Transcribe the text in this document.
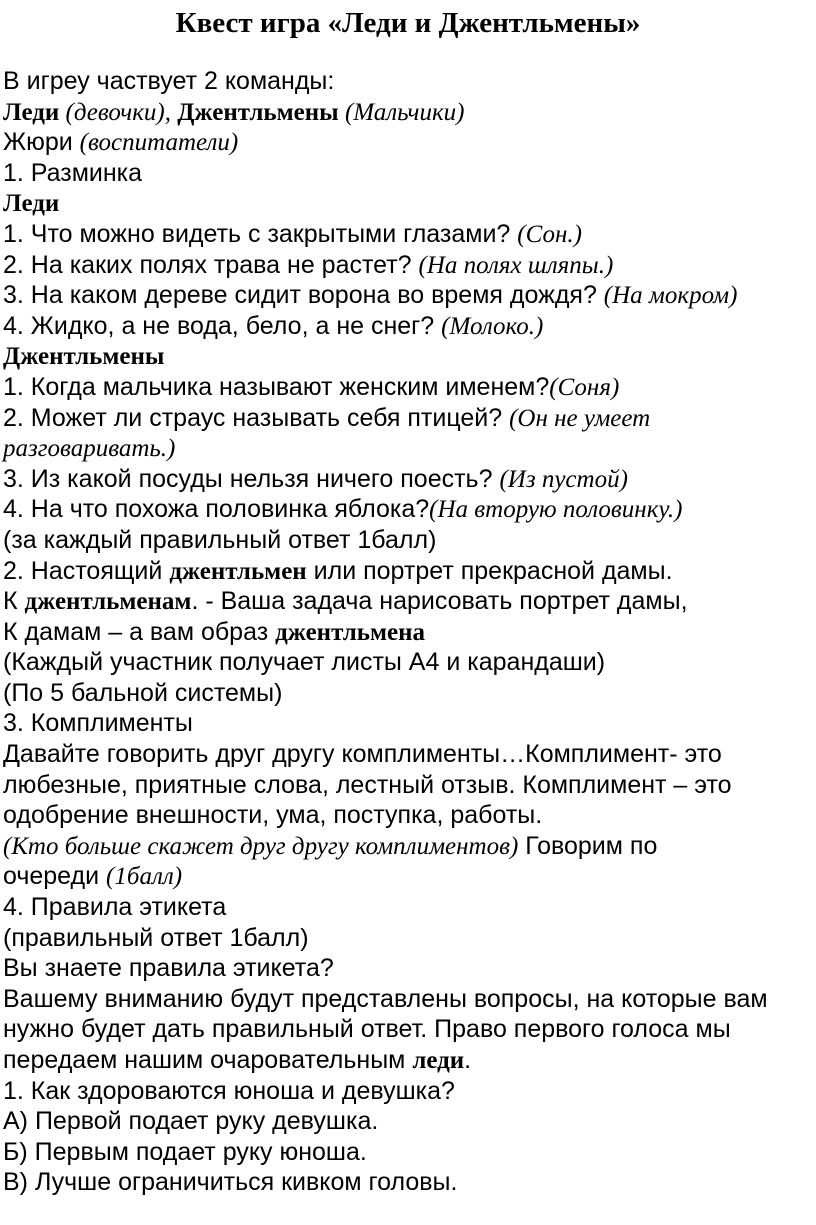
Квест игра «Леди и Джентльмены»
В игреу частвует 2 команды:
Леди (девочки), Джентльмены (Мальчики)
Жюри (воспитатели)
1. Разминка
Леди
1. Что можно видеть с закрытыми глазами? (Сон.)
2. На каких полях трава не растет? (На полях шляпы.)
3. На каком дереве сидит ворона во время дождя? (На мокром)
4. Жидко, а не вода, бело, а не снег? (Молоко.)
Джентльмены
1. Когда мальчика называют женским именем?(Соня)
2. Может ли страус называть себя птицей? (Он не умеет
разговаривать.)
3. Из какой посуды нельзя ничего поесть? (Из пустой)
4. На что похожа половинка яблока?(На вторую половинку.)
(за каждый правильный ответ 1балл)
2. Настоящий джентльмен или портрет прекрасной дамы.
К джентльменам. - Ваша задача нарисовать портрет дамы,
К дамам – а вам образ джентльмена
(Каждый участник получает листы А4 и карандаши)
(По 5 бальной системы)
3. Комплименты
Давайте говорить друг другу комплименты…Комплимент- это
любезные, приятные слова, лестный отзыв. Комплимент – это
одобрение внешности, ума, поступка, работы.
(Кто больше скажет друг другу комплиментов) Говорим по
очереди (1балл)
4. Правила этикета
(правильный ответ 1балл)
Вы знаете правила этикета?
Вашему вниманию будут представлены вопросы, на которые вам
нужно будет дать правильный ответ. Право первого голоса мы
передаем нашим очаровательным леди.
1. Как здороваются юноша и девушка?
А) Первой подает руку девушка.
Б) Первым подает руку юноша.
В) Лучше ограничиться кивком головы.
